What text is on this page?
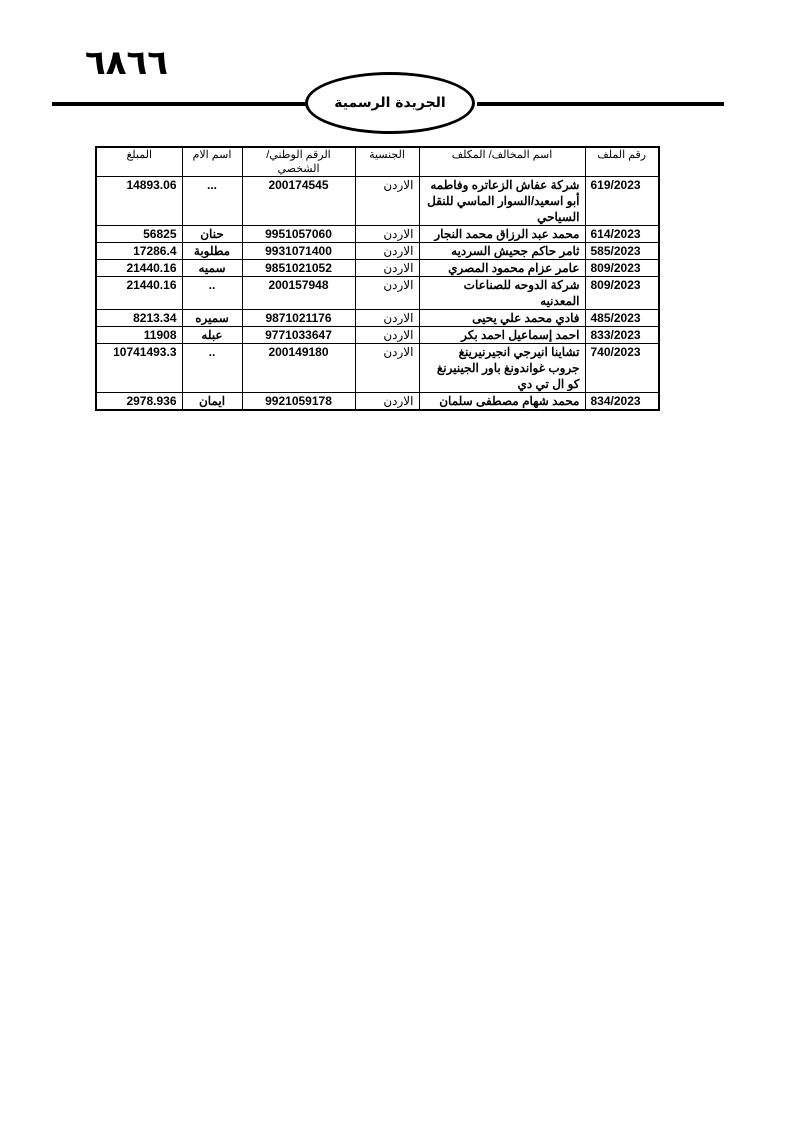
٦٨٦٦
الجريدة الرسمية
رقم الملف	اسم المخالف/ المكلف	الجنسية	الرقم الوطني/الشخصي	اسم الام	المبلغ
619/2023	شركة عفاش الزعاتره وفاطمه أبو اسعيد/السوار الماسي للنقل السياحي	الاردن	200174545	...	14893.06
614/2023	محمد عبد الرزاق محمد النجار	الاردن	9951057060	حنان	56825
585/2023	ثامر حاكم جحيش السرديه	الاردن	9931071400	مطلوبة	17286.4
809/2023	عامر عزام محمود المصري	الاردن	9851021052	سميه	21440.16
809/2023	شركة الدوحه للصناعات المعدنيه	الاردن	200157948	..	21440.16
485/2023	فادي محمد علي يحيى	الاردن	9871021176	سميره	8213.34
833/2023	احمد إسماعيل احمد بكر	الاردن	9771033647	عبله	11908
740/2023	تشاينا انيرجي انجيرنيرينغ جروب غواندونغ باور الجينيرنغ كو ال تي دي	الاردن	200149180	..	10741493.3
834/2023	محمد شهام مصطفى سلمان	الاردن	9921059178	ايمان	2978.936
